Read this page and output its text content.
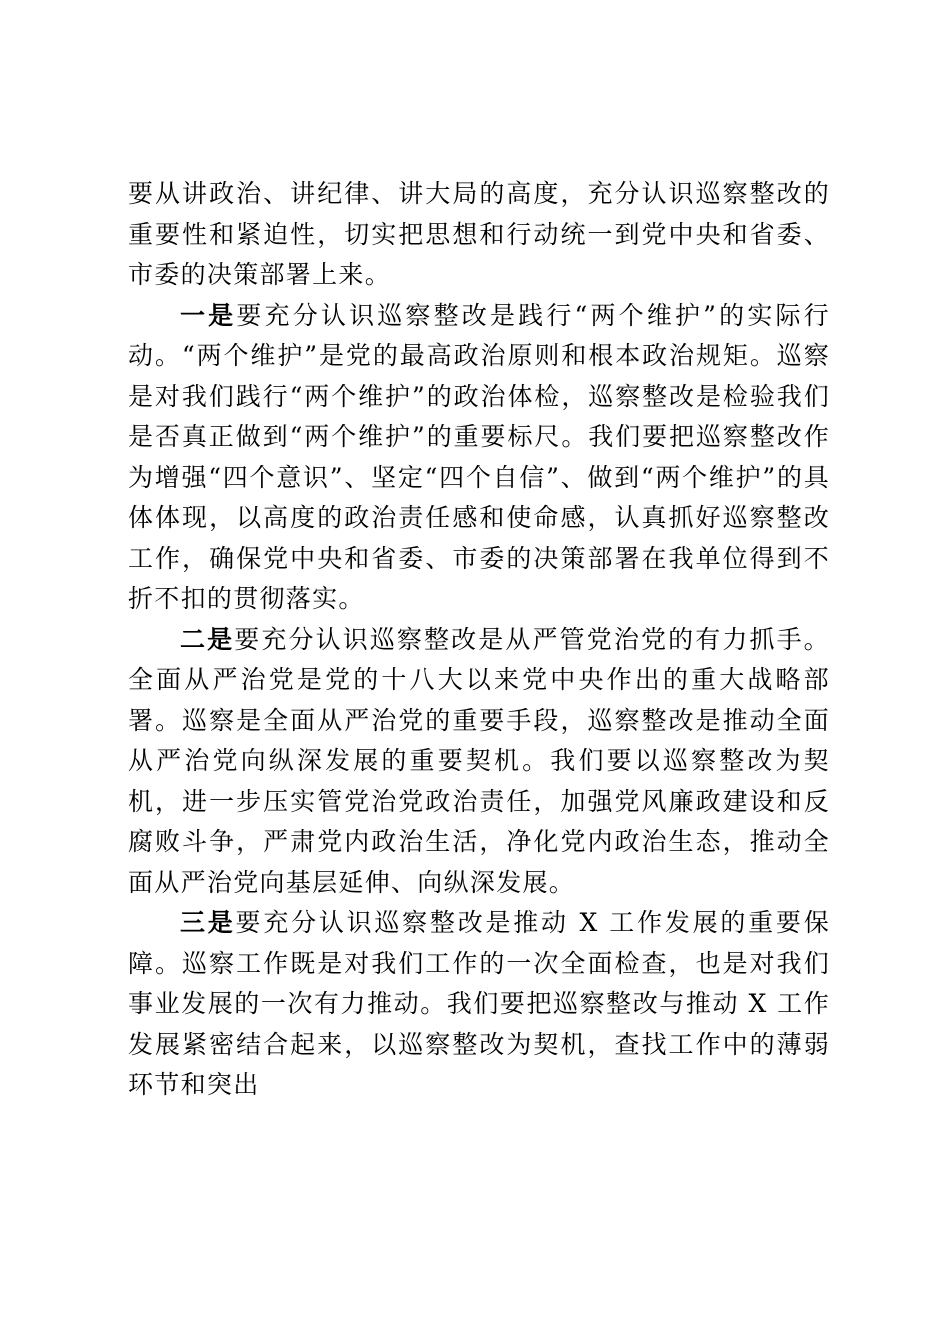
要从讲政治、讲纪律、讲大局的高度，充分认识巡察整改的重要性和紧迫性，切实把思想和行动统一到党中央和省委、市委的决策部署上来。

一是要充分认识巡察整改是践行“两个维护”的实际行动。“两个维护”是党的最高政治原则和根本政治规矩。巡察是对我们践行“两个维护”的政治体检，巡察整改是检验我们是否真正做到“两个维护”的重要标尺。我们要把巡察整改作为增强“四个意识”、坚定“四个自信”、做到“两个维护”的具体体现，以高度的政治责任感和使命感，认真抓好巡察整改工作，确保党中央和省委、市委的决策部署在我单位得到不折不扣的贯彻落实。

二是要充分认识巡察整改是从严管党治党的有力抓手。全面从严治党是党的十八大以来党中央作出的重大战略部署。巡察是全面从严治党的重要手段，巡察整改是推动全面从严治党向纵深发展的重要契机。我们要以巡察整改为契机，进一步压实管党治党政治责任，加强党风廉政建设和反腐败斗争，严肃党内政治生活，净化党内政治生态，推动全面从严治党向基层延伸、向纵深发展。

三是要充分认识巡察整改是推动 X 工作发展的重要保障。巡察工作既是对我们工作的一次全面检查，也是对我们事业发展的一次有力推动。我们要把巡察整改与推动 X 工作发展紧密结合起来，以巡察整改为契机，查找工作中的薄弱环节和突出
